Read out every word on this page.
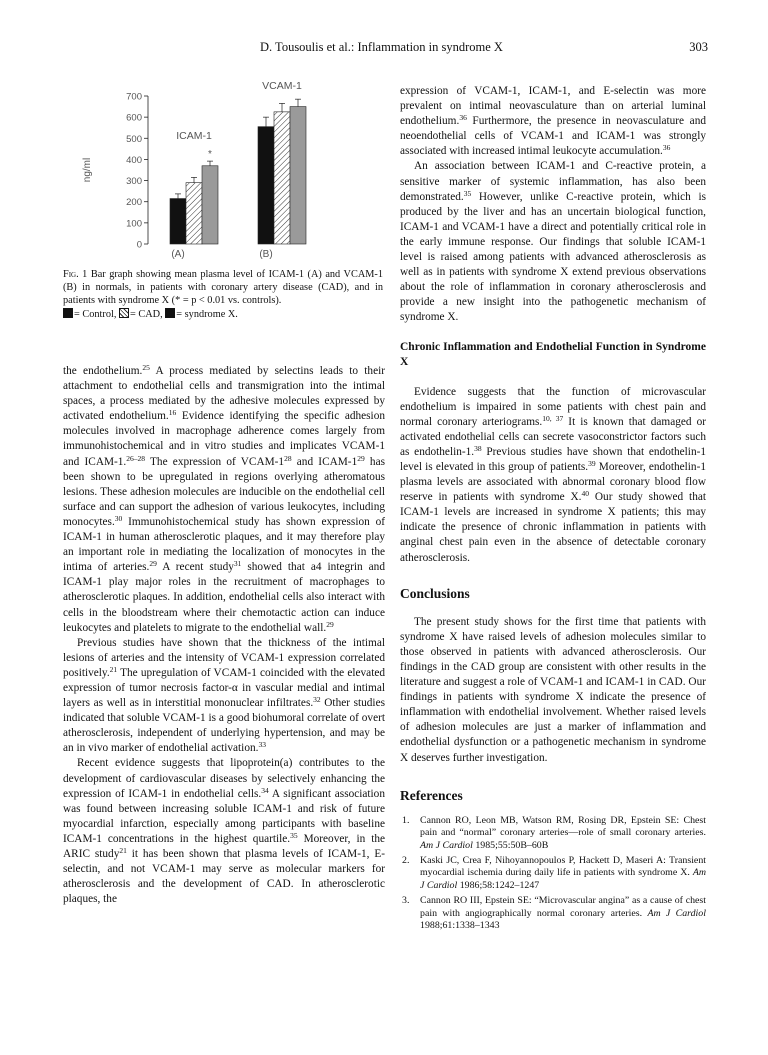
D. Tousoulis et al.: Inflammation in syndrome X	303
0
100
200
300
400
500
600
700
ng/ml
*
ICAM-1
(A)
VCAM-1
(B)
Fig. 1 Bar graph showing mean plasma level of ICAM-1 (A) and VCAM-1 (B) in normals, in patients with coronary artery disease (CAD), and in patients with syndrome X (* = p < 0.01 vs. controls).
= Control, = CAD, = syndrome X.

the endothelium.$^{25}$ A process mediated by selectins leads to their attachment to endothelial cells and transmigration into the intimal spaces, a process mediated by the adhesive molecules expressed by activated endothelium.$^{16}$ Evidence identifying the specific adhesion molecules involved in macrophage adherence comes largely from immunohistochemical and in vitro studies and implicates VCAM-1 and ICAM-1.$^{26-28}$ The expression of VCAM-$1^{28}$ and ICAM-$1^{29}$ has been shown to be upregulated in regions overlying atheromatous lesions. These adhesion molecules are inducible on the endothelial cell surface and can support the adhesion of various leukocytes, including monocytes.$^{30}$ Immunohistochemical study has shown expression of ICAM-1 in human atherosclerotic plaques, and it may therefore play an important role in mediating the localization of monocytes in the intima of arteries.$^{29}$ A recent study$^{31}$ showed that a4 integrin and ICAM-1 play major roles in the recruitment of macrophages to atherosclerotic plaques. In addition, endothelial cells also interact with cells in the bloodstream where their chemotactic action can induce leukocytes and platelets to migrate to the endothelial wall.$^{29}$

Previous studies have shown that the thickness of the intimal lesions of arteries and the intensity of VCAM-1 expression correlated positively.$^{21}$ The upregulation of VCAM-1 coincided with the elevated expression of tumor necrosis factor-α in vascular medial and intimal layers as well as in interstitial mononuclear infiltrates.$^{32}$ Other studies indicated that soluble VCAM-1 is a good biohumoral correlate of overt atherosclerosis, independent of underlying hypertension, and may be an in vivo marker of endothelial activation.$^{33}$

Recent evidence suggests that lipoprotein(a) contributes to the development of cardiovascular diseases by selectively enhancing the expression of ICAM-1 in endothelial cells.$^{34}$ A significant association was found between increasing soluble ICAM-1 and risk of future myocardial infarction, especially among participants with baseline ICAM-1 concentrations in the highest quartile.$^{35}$ Moreover, in the ARIC study$^{21}$ it has been shown that plasma levels of ICAM-1, E-selectin, and not VCAM-1 may serve as molecular markers for atherosclerosis and the development of CAD. In atherosclerotic plaques, the

expression of VCAM-1, ICAM-1, and E-selectin was more prevalent on intimal neovasculature than on arterial luminal endothelium.$^{36}$ Furthermore, the presence in neovasculature and neoendothelial cells of VCAM-1 and ICAM-1 was strongly associated with increased intimal leukocyte accumulation.$^{36}$

An association between ICAM-1 and C-reactive protein, a sensitive marker of systemic inflammation, has also been demonstrated.$^{35}$ However, unlike C-reactive protein, which is produced by the liver and has an uncertain biological function, ICAM-1 and VCAM-1 have a direct and potentially critical role in the early immune response. Our findings that soluble ICAM-1 level is raised among patients with advanced atherosclerosis as well as in patients with syndrome X extend previous observations about the role of inflammation in coronary atherosclerosis and provide a new insight into the pathogenetic mechanism of syndrome X.

Chronic Inflammation and Endothelial Function in Syndrome X

Evidence suggests that the function of microvascular endothelium is impaired in some patients with chest pain and normal coronary arteriograms.$^{10, 37}$ It is known that damaged or activated endothelial cells can secrete vasoconstrictor factors such as endothelin-1.38 Previous studies have shown that endothelin-1 level is elevated in this group of patients.$^{39}$ Moreover, endothelin-1 plasma levels are associated with abnormal coronary blood flow reserve in patients with syndrome X.$^{40}$ Our study showed that ICAM-1 levels are increased in syndrome X patients; this may indicate the presence of chronic inflammation in patients with anginal chest pain even in the absence of detectable coronary atherosclerosis.

Conclusions

The present study shows for the first time that patients with syndrome X have raised levels of adhesion molecules similar to those observed in patients with advanced atherosclerosis. Our findings in the CAD group are consistent with other results in the literature and suggest a role of VCAM-1 and ICAM-1 in CAD. Our findings in patients with syndrome X indicate the presence of inflammation with endothelial involvement. Whether raised levels of adhesion molecules are just a marker of inflammation and endothelial dysfunction or a pathogenetic mechanism in syndrome X deserves further investigation.

References
1. Cannon RO, Leon MB, Watson RM, Rosing DR, Epstein SE: Chest pain and “normal” coronary arteries—role of small coronary arteries. Am J Cardiol 1985;55:50B–60B
2. Kaski JC, Crea F, Nihoyannopoulos P, Hackett D, Maseri A: Transient myocardial ischemia during daily life in patients with syndrome X. Am J Cardiol 1986;58:1242–1247
3. Cannon RO III, Epstein SE: “Microvascular angina” as a cause of chest pain with angiographically normal coronary arteries. Am J Cardiol 1988;61:1338–1343
